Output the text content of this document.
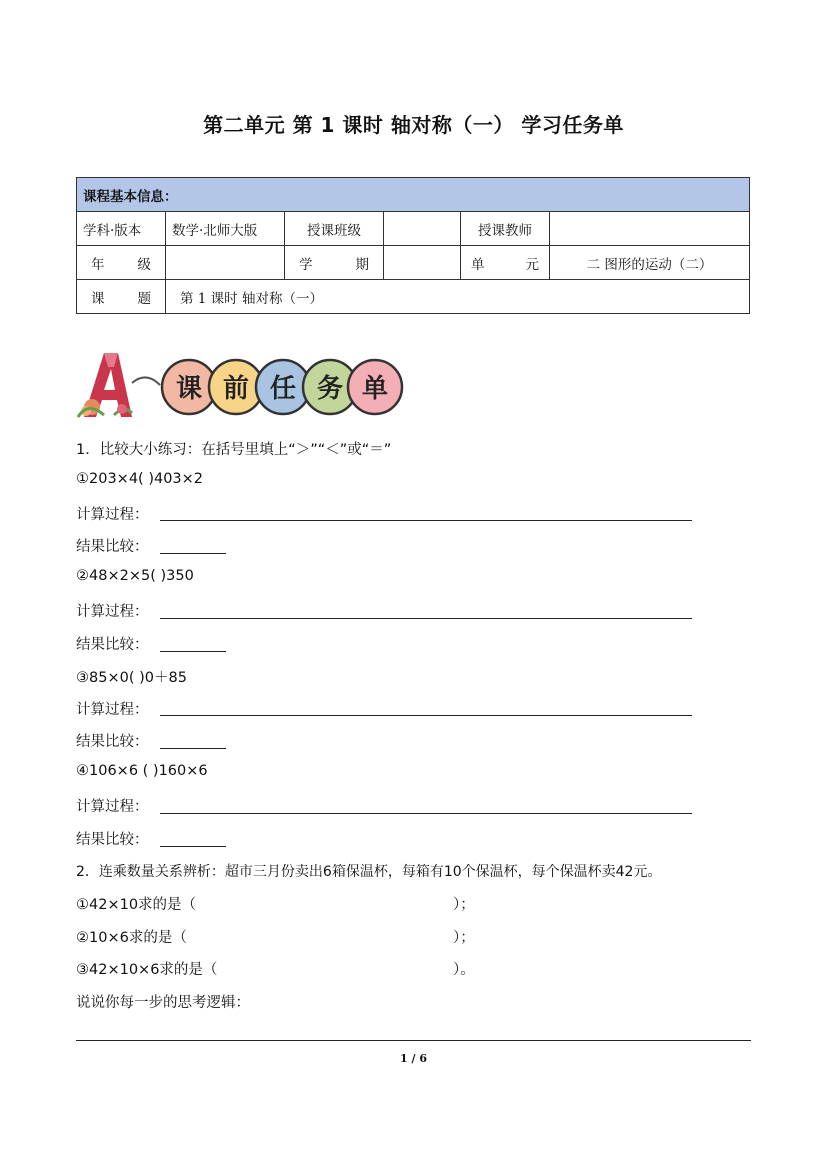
第二单元 第 1 课时 轴对称（一） 学习任务单
课程基本信息：					
学科·版本	数学·北师大版	授课班级		授课教师	

年 级		学 期		单 元	二 图形的运动（二）

课 题	第 1 课时 轴对称（一）				
课 前 任 务 单
1．比较大小练习：在括号里填上“＞”“＜”或“＝”
①203×4( )403×2
计算过程：
结果比较：
②48×2×5( )350
计算过程：
结果比较：
③85×0( )0＋85
计算过程：
结果比较：
④106×6 ( )160×6
计算过程：
结果比较：
2．连乘数量关系辨析：超市三月份卖出6箱保温杯，每箱有10个保温杯，每个保温杯卖42元。
①42×10求的是（	）；
②10×6求的是（	）；
③42×10×6求的是（	）。
说说你每一步的思考逻辑：
1 / 6
